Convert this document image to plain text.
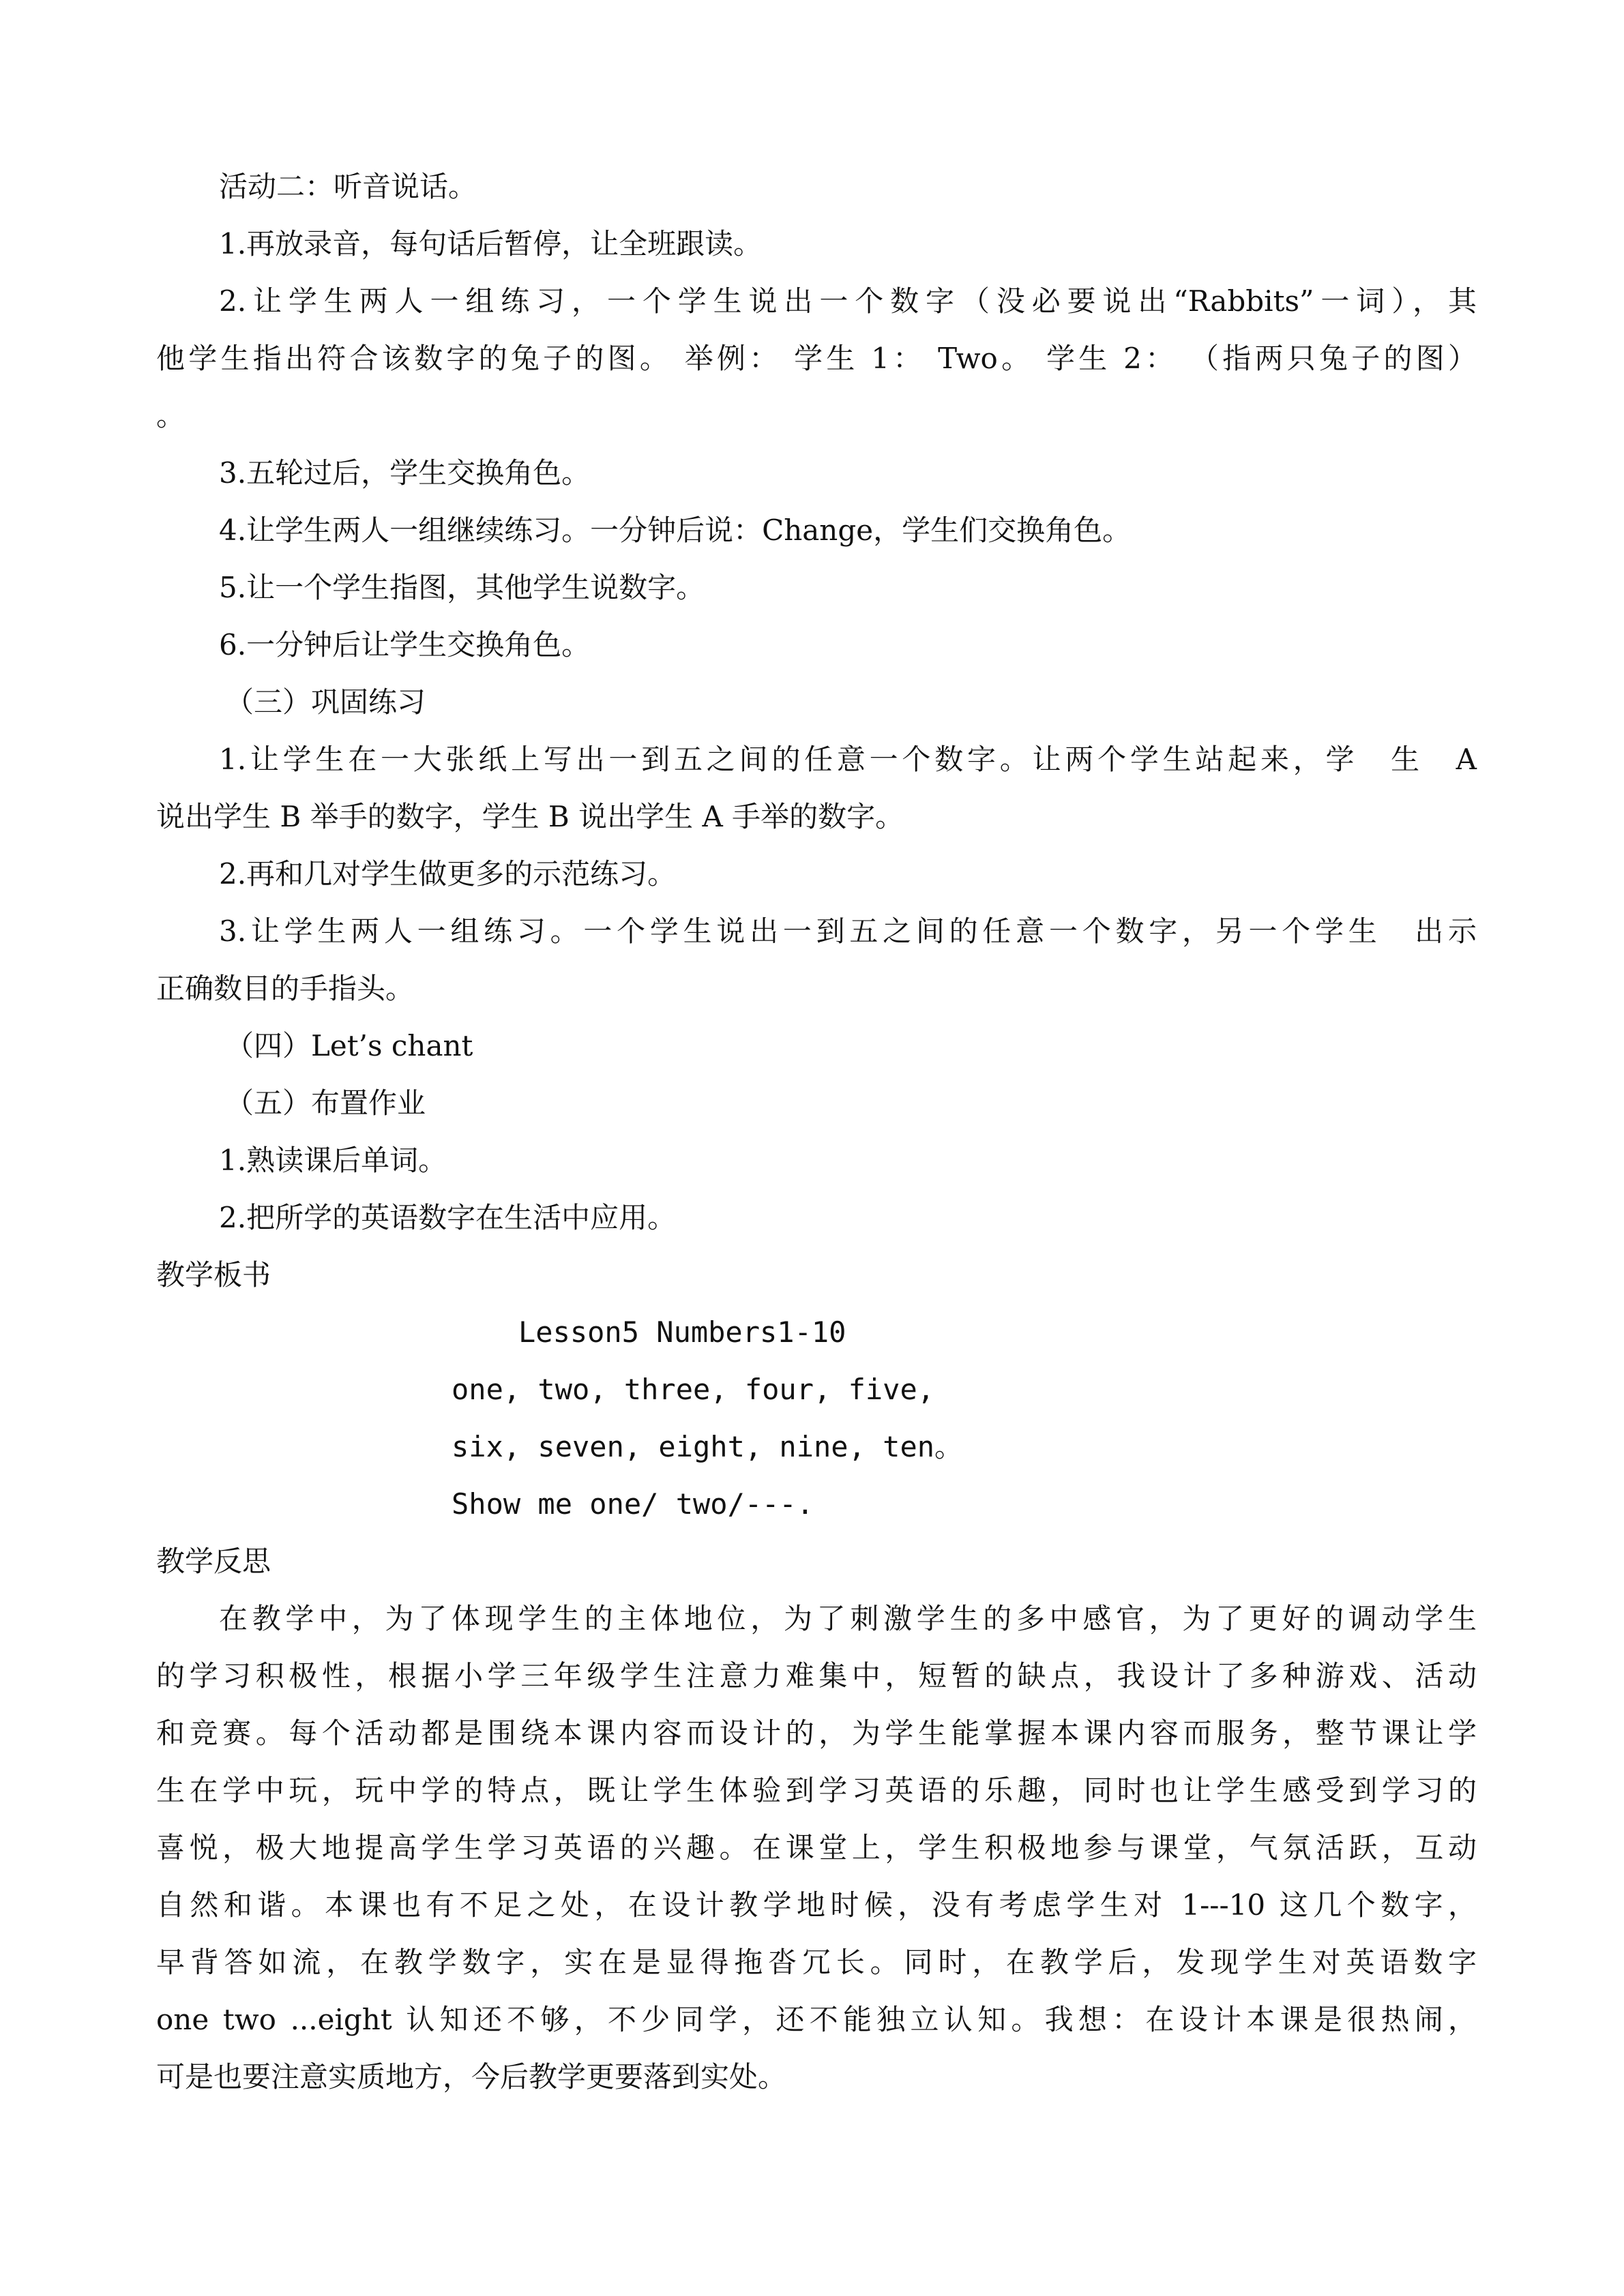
活动二：听音说话。
1.再放录音，每句话后暂停，让全班跟读。
2.让学生两人一组练习，一个学生说出一个数字（没必要说出“Rabbits”一词），其
他学生指出符合该数字的兔子的图。 举例： 学生 1： Two。 学生 2： （指两只兔子的图）
。
3.五轮过后，学生交换角色。
4.让学生两人一组继续练习。一分钟后说：Change，学生们交换角色。
5.让一个学生指图，其他学生说数字。
6.一分钟后让学生交换角色。
（三）巩固练习
1.让学生在一大张纸上写出一到五之间的任意一个数字。让两个学生站起来，学　生　A
说出学生 B 举手的数字，学生 B 说出学生 A 手举的数字。
2.再和几对学生做更多的示范练习。
3.让学生两人一组练习。一个学生说出一到五之间的任意一个数字，另一个学生　出示
正确数目的手指头。
（四）Let’s chant
（五）布置作业
1.熟读课后单词。
2.把所学的英语数字在生活中应用。
教学板书
Lesson5 Numbers1-10
one, two, three, four, five,
six, seven, eight, nine, ten。
Show me one/ two/---.
教学反思
在教学中，为了体现学生的主体地位，为了刺激学生的多中感官，为了更好的调动学生
的学习积极性，根据小学三年级学生注意力难集中，短暂的缺点，我设计了多种游戏、活动
和竞赛。每个活动都是围绕本课内容而设计的，为学生能掌握本课内容而服务，整节课让学
生在学中玩，玩中学的特点，既让学生体验到学习英语的乐趣，同时也让学生感受到学习的
喜悦，极大地提高学生学习英语的兴趣。在课堂上，学生积极地参与课堂，气氛活跃，互动
自然和谐。本课也有不足之处，在设计教学地时候，没有考虑学生对 1---10 这几个数字，
早背答如流，在教学数字，实在是显得拖沓冗长。同时，在教学后，发现学生对英语数字
one two ...eight 认知还不够，不少同学，还不能独立认知。我想：在设计本课是很热闹，
可是也要注意实质地方，今后教学更要落到实处。
